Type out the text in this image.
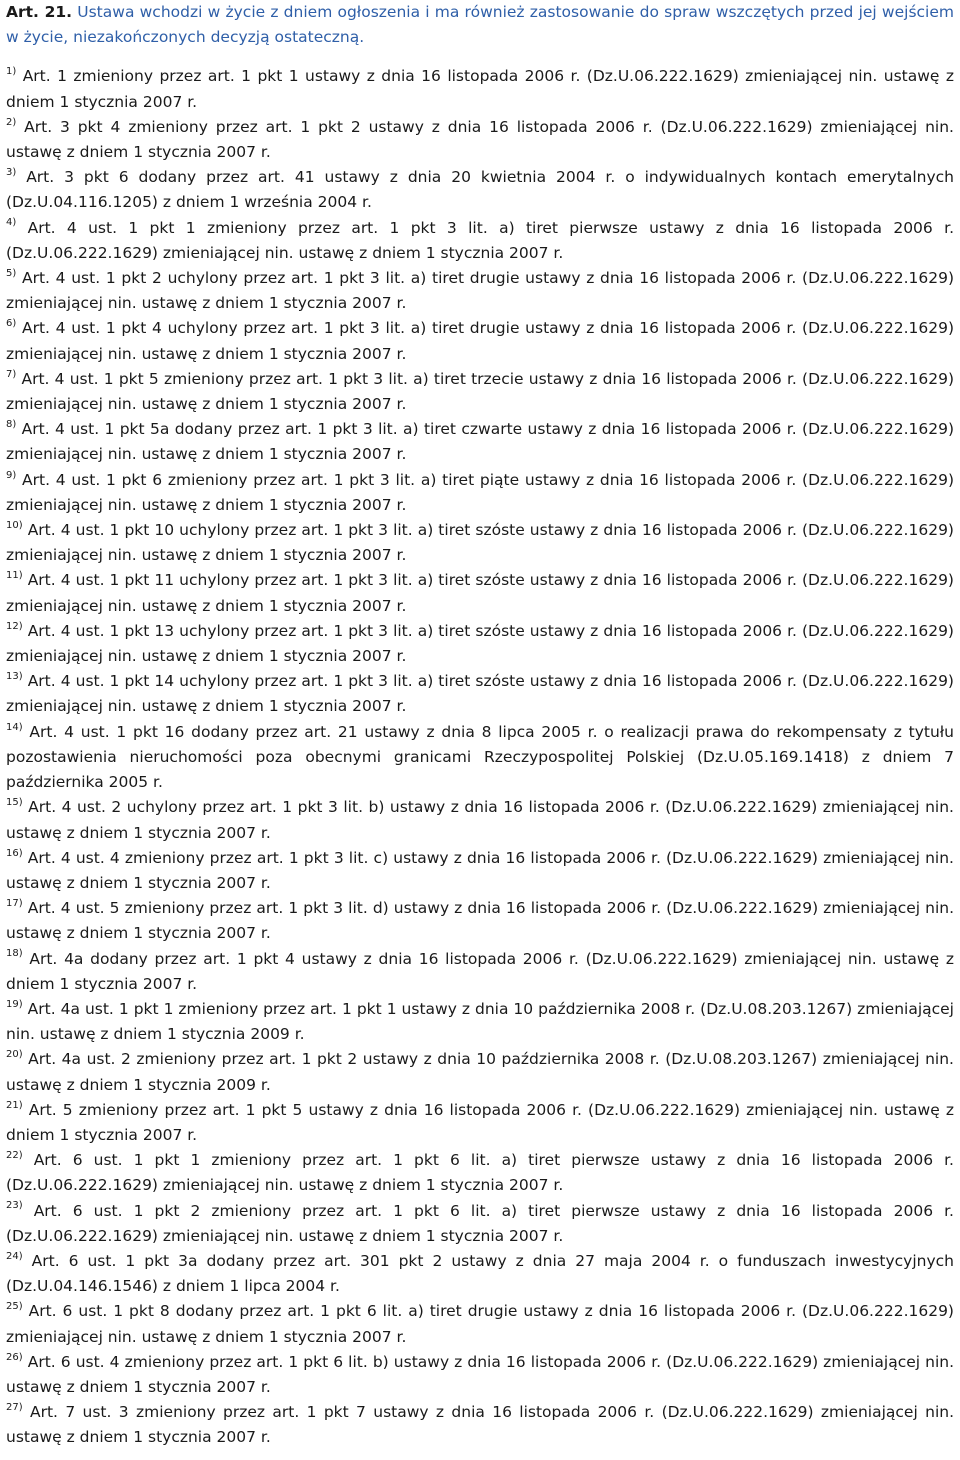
Art. 21. Ustawa wchodzi w życie z dniem ogłoszenia i ma również zastosowanie do spraw wszczętych przed jej wejściem w życie, niezakończonych decyzją ostateczną.

$^{1)}$ Art. 1 zmieniony przez art. 1 pkt 1 ustawy z dnia 16 listopada 2006 r. (Dz.U.06.222.1629) zmieniającej nin. ustawę z dniem 1 stycznia 2007 r.

$^{2)}$ Art. 3 pkt 4 zmieniony przez art. 1 pkt 2 ustawy z dnia 16 listopada 2006 r. (Dz.U.06.222.1629) zmieniającej nin. ustawę z dniem 1 stycznia 2007 r.

$^{3)}$ Art. 3 pkt 6 dodany przez art. 41 ustawy z dnia 20 kwietnia 2004 r. o indywidualnych kontach emerytalnych (Dz.U.04.116.1205) z dniem 1 września 2004 r.

$^{4)}$ Art. 4 ust. 1 pkt 1 zmieniony przez art. 1 pkt 3 lit. a) tiret pierwsze ustawy z dnia 16 listopada 2006 r. (Dz.U.06.222.1629) zmieniającej nin. ustawę z dniem 1 stycznia 2007 r.

$^{5)}$ Art. 4 ust. 1 pkt 2 uchylony przez art. 1 pkt 3 lit. a) tiret drugie ustawy z dnia 16 listopada 2006 r. (Dz.U.06.222.1629) zmieniającej nin. ustawę z dniem 1 stycznia 2007 r.

$^{6)}$ Art. 4 ust. 1 pkt 4 uchylony przez art. 1 pkt 3 lit. a) tiret drugie ustawy z dnia 16 listopada 2006 r. (Dz.U.06.222.1629) zmieniającej nin. ustawę z dniem 1 stycznia 2007 r.

$^{7)}$ Art. 4 ust. 1 pkt 5 zmieniony przez art. 1 pkt 3 lit. a) tiret trzecie ustawy z dnia 16 listopada 2006 r. (Dz.U.06.222.1629) zmieniającej nin. ustawę z dniem 1 stycznia 2007 r.

$^{8)}$ Art. 4 ust. 1 pkt 5a dodany przez art. 1 pkt 3 lit. a) tiret czwarte ustawy z dnia 16 listopada 2006 r. (Dz.U.06.222.1629) zmieniającej nin. ustawę z dniem 1 stycznia 2007 r.

$^{9)}$ Art. 4 ust. 1 pkt 6 zmieniony przez art. 1 pkt 3 lit. a) tiret piąte ustawy z dnia 16 listopada 2006 r. (Dz.U.06.222.1629) zmieniającej nin. ustawę z dniem 1 stycznia 2007 r.

$^{10)}$ Art. 4 ust. 1 pkt 10 uchylony przez art. 1 pkt 3 lit. a) tiret szóste ustawy z dnia 16 listopada 2006 r. (Dz.U.06.222.1629) zmieniającej nin. ustawę z dniem 1 stycznia 2007 r.

$^{11)}$ Art. 4 ust. 1 pkt 11 uchylony przez art. 1 pkt 3 lit. a) tiret szóste ustawy z dnia 16 listopada 2006 r. (Dz.U.06.222.1629) zmieniającej nin. ustawę z dniem 1 stycznia 2007 r.

$^{12)}$ Art. 4 ust. 1 pkt 13 uchylony przez art. 1 pkt 3 lit. a) tiret szóste ustawy z dnia 16 listopada 2006 r. (Dz.U.06.222.1629) zmieniającej nin. ustawę z dniem 1 stycznia 2007 r.

$^{13)}$ Art. 4 ust. 1 pkt 14 uchylony przez art. 1 pkt 3 lit. a) tiret szóste ustawy z dnia 16 listopada 2006 r. (Dz.U.06.222.1629) zmieniającej nin. ustawę z dniem 1 stycznia 2007 r.

$^{14)}$ Art. 4 ust. 1 pkt 16 dodany przez art. 21 ustawy z dnia 8 lipca 2005 r. o realizacji prawa do rekompensaty z tytułu pozostawienia nieruchomości poza obecnymi granicami Rzeczypospolitej Polskiej (Dz.U.05.169.1418) z dniem 7 października 2005 r.

$^{15)}$ Art. 4 ust. 2 uchylony przez art. 1 pkt 3 lit. b) ustawy z dnia 16 listopada 2006 r. (Dz.U.06.222.1629) zmieniającej nin. ustawę z dniem 1 stycznia 2007 r.

$^{16)}$ Art. 4 ust. 4 zmieniony przez art. 1 pkt 3 lit. c) ustawy z dnia 16 listopada 2006 r. (Dz.U.06.222.1629) zmieniającej nin. ustawę z dniem 1 stycznia 2007 r.

$^{17)}$ Art. 4 ust. 5 zmieniony przez art. 1 pkt 3 lit. d) ustawy z dnia 16 listopada 2006 r. (Dz.U.06.222.1629) zmieniającej nin. ustawę z dniem 1 stycznia 2007 r.

$^{18)}$ Art. 4a dodany przez art. 1 pkt 4 ustawy z dnia 16 listopada 2006 r. (Dz.U.06.222.1629) zmieniającej nin. ustawę z dniem 1 stycznia 2007 r.

$^{19)}$ Art. 4a ust. 1 pkt 1 zmieniony przez art. 1 pkt 1 ustawy z dnia 10 października 2008 r. (Dz.U.08.203.1267) zmieniającej nin. ustawę z dniem 1 stycznia 2009 r.

$^{20)}$ Art. 4a ust. 2 zmieniony przez art. 1 pkt 2 ustawy z dnia 10 października 2008 r. (Dz.U.08.203.1267) zmieniającej nin. ustawę z dniem 1 stycznia 2009 r.

$^{21)}$ Art. 5 zmieniony przez art. 1 pkt 5 ustawy z dnia 16 listopada 2006 r. (Dz.U.06.222.1629) zmieniającej nin. ustawę z dniem 1 stycznia 2007 r.

$^{22)}$ Art. 6 ust. 1 pkt 1 zmieniony przez art. 1 pkt 6 lit. a) tiret pierwsze ustawy z dnia 16 listopada 2006 r. (Dz.U.06.222.1629) zmieniającej nin. ustawę z dniem 1 stycznia 2007 r.

$^{23)}$ Art. 6 ust. 1 pkt 2 zmieniony przez art. 1 pkt 6 lit. a) tiret pierwsze ustawy z dnia 16 listopada 2006 r. (Dz.U.06.222.1629) zmieniającej nin. ustawę z dniem 1 stycznia 2007 r.

$^{24)}$ Art. 6 ust. 1 pkt 3a dodany przez art. 301 pkt 2 ustawy z dnia 27 maja 2004 r. o funduszach inwestycyjnych (Dz.U.04.146.1546) z dniem 1 lipca 2004 r.

$^{25)}$ Art. 6 ust. 1 pkt 8 dodany przez art. 1 pkt 6 lit. a) tiret drugie ustawy z dnia 16 listopada 2006 r. (Dz.U.06.222.1629) zmieniającej nin. ustawę z dniem 1 stycznia 2007 r.

$^{26)}$ Art. 6 ust. 4 zmieniony przez art. 1 pkt 6 lit. b) ustawy z dnia 16 listopada 2006 r. (Dz.U.06.222.1629) zmieniającej nin. ustawę z dniem 1 stycznia 2007 r.

$^{27)}$ Art. 7 ust. 3 zmieniony przez art. 1 pkt 7 ustawy z dnia 16 listopada 2006 r. (Dz.U.06.222.1629) zmieniającej nin. ustawę z dniem 1 stycznia 2007 r.
